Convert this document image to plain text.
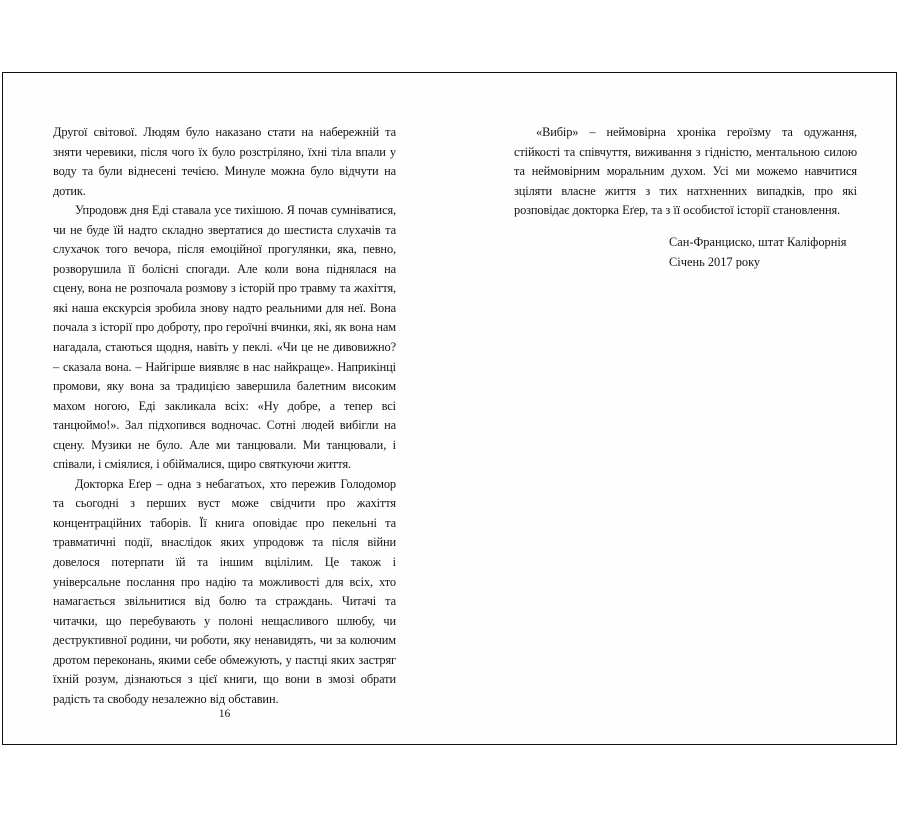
Другої світової. Людям було наказано стати на набережній та зняти черевики, після чого їх було розстріляно, їхні тіла впали у воду та були віднесені течією. Минуле можна було відчути на дотик.

Упродовж дня Еді ставала усе тихішою. Я почав сумніватися, чи не буде їй надто складно звертатися до шестиста слухачів та слухачок того вечора, після емоційної прогулянки, яка, певно, розворушила її болісні спогади. Але коли вона піднялася на сцену, вона не розпочала розмову з історій про травму та жахіття, які наша екскурсія зробила знову надто реальними для неї. Вона почала з історії про доброту, про героїчні вчинки, які, як вона нам нагадала, стаються щодня, навіть у пеклі. «Чи це не дивовижно? – сказала вона. – Найгірше виявляє в нас найкраще». Наприкінці промови, яку вона за традицією завершила балетним високим махом ногою, Еді закликала всіх: «Ну добре, а тепер всі танцюймо!». Зал підхопився водночас. Сотні людей вибігли на сцену. Музики не було. Але ми танцювали. Ми танцювали, і співали, і сміялися, і обіймалися, щиро святкуючи життя.

Докторка Еґер – одна з небагатьох, хто пережив Голодомор та сьогодні з перших вуст може свідчити про жахіття концентраційних таборів. Її книга оповідає про пекельні та травматичні події, внаслідок яких упродовж та після війни довелося потерпати їй та іншим вцілілим. Це також і універсальне послання про надію та можливості для всіх, хто намагається звільнитися від болю та страждань. Читачі та читачки, що перебувають у полоні нещасливого шлюбу, чи деструктивної родини, чи роботи, яку ненавидять, чи за колючим дротом переконань, якими себе обмежують, у пастці яких застряг їхній розум, дізнаються з цієї книги, що вони в змозі обрати радість та свободу незалежно від обставин.

16

«Вибір» – неймовірна хроніка героїзму та одужання, стійкості та співчуття, виживання з гідністю, ментальною силою та неймовірним моральним духом. Усі ми можемо навчитися зціляти власне життя з тих натхненних випадків, про які розповідає докторка Еґер, та з її особистої історії становлення.

Сан-Франциско, штат Каліфорнія

Січень 2017 року
